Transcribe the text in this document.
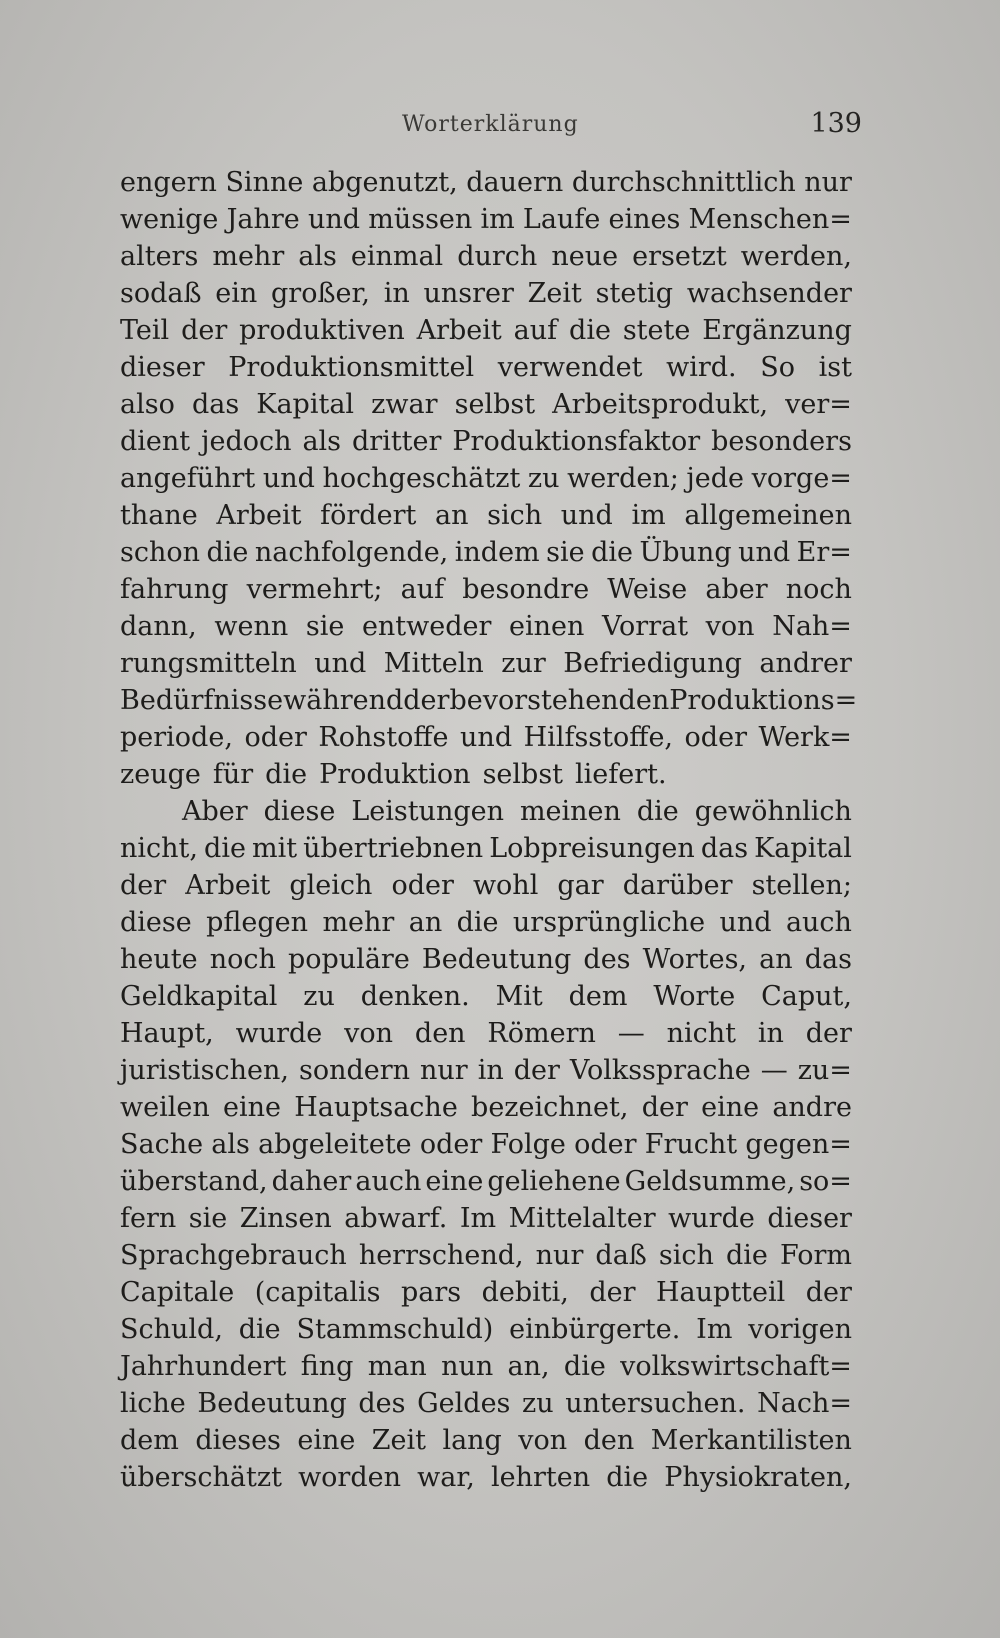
Worterklärung	139
engern Sinne abgenutzt, dauern durchschnittlich nur
wenige Jahre und müssen im Laufe eines Menschen=
alters mehr als einmal durch neue ersetzt werden,
sodaß ein großer, in unsrer Zeit stetig wachsender
Teil der produktiven Arbeit auf die stete Ergänzung
dieser Produktionsmittel verwendet wird. So ist
also das Kapital zwar selbst Arbeitsprodukt, ver=
dient jedoch als dritter Produktionsfaktor besonders
angeführt und hochgeschätzt zu werden; jede vorge=
thane Arbeit fördert an sich und im allgemeinen
schon die nachfolgende, indem sie die Übung und Er=
fahrung vermehrt; auf besondre Weise aber noch
dann, wenn sie entweder einen Vorrat von Nah=
rungsmitteln und Mitteln zur Befriedigung andrer
Bedürfnisse während der bevorstehenden Produktions=
periode, oder Rohstoffe und Hilfsstoffe, oder Werk=
zeuge für die Produktion selbst liefert.
Aber diese Leistungen meinen die gewöhnlich
nicht, die mit übertriebnen Lobpreisungen das Kapital
der Arbeit gleich oder wohl gar darüber stellen;
diese pflegen mehr an die ursprüngliche und auch
heute noch populäre Bedeutung des Wortes, an das
Geldkapital zu denken. Mit dem Worte Caput,
Haupt, wurde von den Römern — nicht in der
juristischen, sondern nur in der Volkssprache — zu=
weilen eine Hauptsache bezeichnet, der eine andre
Sache als abgeleitete oder Folge oder Frucht gegen=
überstand, daher auch eine geliehene Geldsumme, so=
fern sie Zinsen abwarf. Im Mittelalter wurde dieser
Sprachgebrauch herrschend, nur daß sich die Form
Capitale (capitalis pars debiti, der Hauptteil der
Schuld, die Stammschuld) einbürgerte. Im vorigen
Jahrhundert fing man nun an, die volkswirtschaft=
liche Bedeutung des Geldes zu untersuchen. Nach=
dem dieses eine Zeit lang von den Merkantilisten
überschätzt worden war, lehrten die Physiokraten,
